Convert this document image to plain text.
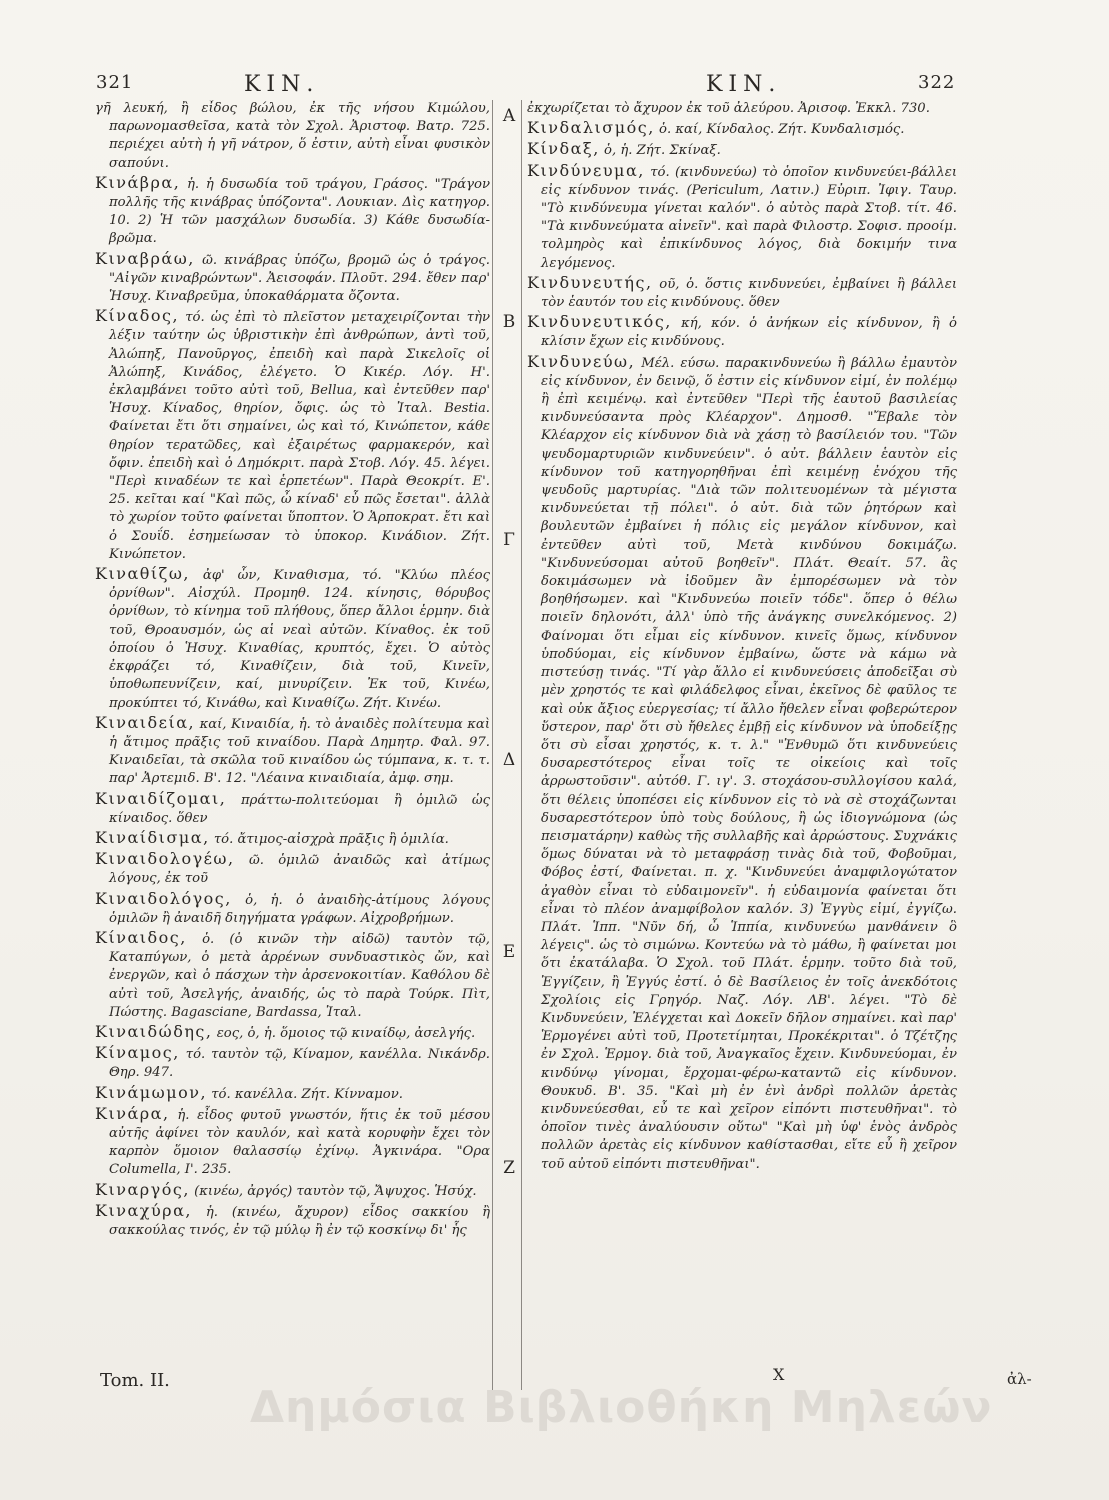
321	ΚΙΝ.	ΚΙΝ.	322

γῆ λευκή, ἢ εἶδος βώλου, ἐκ τῆς νήσου Κιμώλου, παρωνομασθεῖσα, κατὰ τὸν Σχολ. Ἀριστοφ. Βατρ. 725. περιέχει αὐτὴ ἡ γῆ νάτρον, ὅ ἐστιν, αὐτὴ εἶναι φυσικὸν σαπούνι.

Κινάβρα, ἡ. ἡ δυσωδία τοῦ τράγου, Γράσος. "Τράγον πολλῆς τῆς κινάβρας ὑπόζοντα". Λουκιαν. Δὶς κατηγορ. 10. 2) Ἡ τῶν μασχάλων δυσωδία. 3) Κάθε δυσωδία-βρῶμα.

Κιναβράω, ῶ. κινάβρας ὑπόζω, βρομῶ ὡς ὁ τράγος. "Αἰγῶν κιναβρώντων". Ἀεισοφάν. Πλοῦτ. 294. ἔθεν παρ' Ἡσυχ. Κιναβρεῦμα, ὑποκαθάρματα ὄζοντα.

Κίναδος, τό. ὡς ἐπὶ τὸ πλεῖστον μεταχειρίζονται τὴν λέξιν ταύτην ὡς ὑβριστικὴν ἐπὶ ἀνθρώπων, ἀντὶ τοῦ, Ἀλώπηξ, Πανοῦργος, ἐπειδὴ καὶ παρὰ Σικελοῖς οἱ Ἀλώπηξ, Κινάδος, ἐλέγετο. Ὁ Κικέρ. Λόγ. Η'. ἐκλαμβάνει τοῦτο αὐτὶ τοῦ, Bellua, καὶ ἐντεῦθεν παρ' Ἡσυχ. Κίναδος, θηρίον, ὄφις. ὡς τὸ Ἰταλ. Bestia. Φαίνεται ἔτι ὅτι σημαίνει, ὡς καὶ τό, Κινώπετον, κάθε θηρίον τερατῶδες, καὶ ἐξαιρέτως φαρμακερόν, καὶ ὄφιν. ἐπειδὴ καὶ ὁ Δημόκριτ. παρὰ Στοβ. Λόγ. 45. λέγει. "Περὶ κιναδέων τε καὶ ἑρπετέων". Παρὰ Θεοκρίτ. Ε'. 25. κεῖται καί "Καὶ πῶς, ὦ κίναδ' εὖ πῶς ἔσεται". ἀλλὰ τὸ χωρίον τοῦτο φαίνεται ὕποπτον. Ὁ Ἁρποκρατ. ἔτι καὶ ὁ Σουΐδ. ἐσημείωσαν τὸ ὑποκορ. Κινάδιον. Ζήτ. Κινώπετον.

Κιναθίζω, ἀφ' ὧν, Κιναθισμα, τό. "Κλύω πλέος ὀρνίθων". Αἰσχύλ. Προμηθ. 124. κίνησις, θόρυβος ὀρνίθων, τὸ κίνημα τοῦ πλήθους, ὅπερ ἄλλοι ἑρμην. διὰ τοῦ, Θροαυσμόν, ὡς αἱ νεαὶ αὐτῶν. Κίναθος. ἐκ τοῦ ὁποίου ὁ Ἡσυχ. Κιναθίας, κρυπτός, ἔχει. Ὁ αὐτὸς ἐκφράζει τό, Κιναθίζειν, διὰ τοῦ, Κινεῖν, ὑποθωπευνίζειν, καί, μινυρίζειν. Ἐκ τοῦ, Κινέω, προκύπτει τό, Κινάθω, καὶ Κιναθίζω. Ζήτ. Κινέω.

Κιναιδεία, καί, Κιναιδία, ἡ. τὸ ἀναιδὲς πολίτευμα καὶ ἡ ἄτιμος πρᾶξις τοῦ κιναίδου. Παρὰ Δημητρ. Φαλ. 97. Κιναιδεῖαι, τὰ σκῶλα τοῦ κιναίδου ὡς τύμπανα, κ. τ. τ. παρ' Ἀρτεμιδ. Β'. 12. "Λέαινα κιναιδιαία, ἀμφ. σημ.

Κιναιδίζομαι, πράττω-πολιτεύομαι ἢ ὁμιλῶ ὡς κίναιδος. ὅθεν

Κιναίδισμα, τό. ἄτιμος-αἰσχρὰ πρᾶξις ἢ ὁμιλία.

Κιναιδολογέω, ῶ. ὁμιλῶ ἀναιδῶς καὶ ἀτίμως λόγους, ἐκ τοῦ

Κιναιδολόγος, ὁ, ἡ. ὁ ἀναιδὴς-ἀτίμους λόγους ὁμιλῶν ἢ ἀναιδῆ διηγήματα γράφων. Αἰχροβρήμων.

Κίναιδος, ὁ. (ὁ κινῶν τὴν αἰδῶ) ταυτὸν τῷ, Καταπύγων, ὁ μετὰ ἀρρένων συνδυαστικὸς ὤν, καὶ ἐνεργῶν, καὶ ὁ πάσχων τὴν ἀρσενοκοιτίαν. Καθόλου δὲ αὐτὶ τοῦ, Ἀσελγής, ἀναιδής, ὡς τὸ παρὰ Τούρκ. Πὶτ, Πώστης. Bagasciane, Bardassa, Ἰταλ.

Κιναιδώδης, εος, ὁ, ἡ. ὅμοιος τῷ κιναίδῳ, ἀσελγής.

Κίναμος, τό. ταυτὸν τῷ, Κίναμον, κανέλλα. Νικάνδρ. Θηρ. 947.

Κινάμωμον, τό. κανέλλα. Ζήτ. Κίνναμον.

Κινάρα, ἡ. εἶδος φυτοῦ γνωστόν, ἥτις ἐκ τοῦ μέσου αὐτῆς ἀφίνει τὸν καυλόν, καὶ κατὰ κορυφὴν ἔχει τὸν καρπὸν ὅμοιον θαλασσίῳ ἐχίνῳ. Ἀγκινάρα. "Ορα Columella, Ι'. 235.

Κιναργός, (κινέω, ἀργός) ταυτὸν τῷ, Ἄψυχος. Ἡσύχ.

Κιναχύρα, ἡ. (κινέω, ἄχυρον) εἶδος σακκίου ἢ σακκούλας τινός, ἐν τῷ μύλῳ ἢ ἐν τῷ κοσκίνῳ δι' ἧς

Α
Β
Γ
Δ
Ε
Ζ

ἐκχωρίζεται τὸ ἄχυρον ἐκ τοῦ ἀλεύρου. Ἀρισοφ. Ἐκκλ. 730.

Κινδαλισμός, ὁ. καί, Κίνδαλος. Ζήτ. Κυνδαλισμός.

Κίνδαξ, ὁ, ἡ. Ζήτ. Σκίναξ.

Κινδύνευμα, τό. (κινδυνεύω) τὸ ὁποῖον κινδυνεύει-βάλλει εἰς κίνδυνον τινάς. (Periculum, Λατιν.) Εὐριπ. Ἰφιγ. Ταυρ. "Τὸ κινδύνευμα γίνεται καλόν". ὁ αὐτὸς παρὰ Στοβ. τίτ. 46. "Τὰ κινδυνεύματα αἰνεῖν". καὶ παρὰ Φιλοστρ. Σοφισ. προοίμ. τολμηρὸς καὶ ἐπικίνδυνος λόγος, διὰ δοκιμήν τινα λεγόμενος.

Κινδυνευτής, οῦ, ὁ. ὅστις κινδυνεύει, ἐμβαίνει ἢ βάλλει τὸν ἑαυτόν του εἰς κινδύνους. ὅθεν

Κινδυνευτικός, κή, κόν. ὁ ἀνήκων εἰς κίνδυνον, ἢ ὁ κλίσιν ἔχων εἰς κινδύνους.

Κινδυνεύω, Μέλ. εύσω. παρακινδυνεύω ἢ βάλλω ἐμαυτὸν εἰς κίνδυνον, ἐν δεινῷ, ὅ ἐστιν εἰς κίνδυνον εἰμί, ἐν πολέμῳ ἢ ἐπὶ κειμένῳ. καὶ ἐντεῦθεν "Περὶ τῆς ἑαυτοῦ βασιλείας κινδυνεύσαντα πρὸς Κλέαρχον". Δημοσθ. "Ἔβαλε τὸν Κλέαρχον εἰς κίνδυνον διὰ νὰ χάσῃ τὸ βασίλειόν του. "Τῶν ψευδομαρτυριῶν κινδυνεύειν". ὁ αὐτ. βάλλειν ἑαυτὸν εἰς κίνδυνον τοῦ κατηγορηθῆναι ἐπὶ κειμένῃ ἐνόχου τῆς ψευδοῦς μαρτυρίας. "Διὰ τῶν πολιτευομένων τὰ μέγιστα κινδυνεύεται τῇ πόλει". ὁ αὐτ. διὰ τῶν ῥητόρων καὶ βουλευτῶν ἐμβαίνει ἡ πόλις εἰς μεγάλον κίνδυνον, καὶ ἐντεῦθεν αὐτὶ τοῦ, Μετὰ κινδύνου δοκιμάζω. "Κινδυνεύσομαι αὐτοῦ βοηθεῖν". Πλάτ. Θεαίτ. 57. ἂς δοκιμάσωμεν νὰ ἰδοῦμεν ἂν ἐμπορέσωμεν νὰ τὸν βοηθήσωμεν. καὶ "Κινδυνεύω ποιεῖν τόδε". ὅπερ ὁ θέλω ποιεῖν δηλονότι, ἀλλ' ὑπὸ τῆς ἀνάγκης συνελκόμενος. 2) Φαίνομαι ὅτι εἶμαι εἰς κίνδυνον. κινεῖς ὅμως, κίνδυνον ὑποδύομαι, εἰς κίνδυνον ἐμβαίνω, ὥστε νὰ κάμω νὰ πιστεύσῃ τινάς. "Τί γὰρ ἄλλο εἰ κινδυνεύσεις ἀποδεῖξαι σὺ μὲν χρηστός τε καὶ φιλάδελφος εἶναι, ἐκεῖνος δὲ φαῦλος τε καὶ οὐκ ἄξιος εὐεργεσίας; τί ἄλλο ἤθελεν εἶναι φοβερώτερον ὕστερον, παρ' ὅτι σὺ ἤθελες ἐμβῇ εἰς κίνδυνον νὰ ὑποδείξῃς ὅτι σὺ εἶσαι χρηστός, κ. τ. λ." "Ἐνθυμῶ ὅτι κινδυνεύεις δυσαρεστότερος εἶναι τοῖς τε οἰκείοις καὶ τοῖς ἀρρωστοῦσιν". αὐτόθ. Γ. ιγ'. 3. στοχάσου-συλλογίσου καλά, ὅτι θέλεις ὑποπέσει εἰς κίνδυνον εἰς τὸ νὰ σὲ στοχάζωνται δυσαρεστότερον ὑπὸ τοὺς δούλους, ἢ ὡς ἰδιογνώμονα (ὡς πεισματάρην) καθὼς τῆς συλλαβῆς καὶ ἀρρώστους. Συχνάκις ὅμως δύναται νὰ τὸ μεταφράσῃ τινὰς διὰ τοῦ, Φοβοῦμαι, Φόβος ἐστί, Φαίνεται. π. χ. "Κινδυνεύει ἀναμφιλογώτατον ἀγαθὸν εἶναι τὸ εὐδαιμονεῖν". ἡ εὐδαιμονία φαίνεται ὅτι εἶναι τὸ πλέον ἀναμφίβολον καλόν. 3) Ἐγγὺς εἰμί, ἐγγίζω. Πλάτ. Ἱππ. "Νῦν δή, ὦ Ἱππία, κινδυνεύω μανθάνειν ὃ λέγεις". ὡς τὸ σιμώνω. Κοντεύω νὰ τὸ μάθω, ἢ φαίνεται μοι ὅτι ἐκατάλαβα. Ὁ Σχολ. τοῦ Πλάτ. ἑρμην. τοῦτο διὰ τοῦ, Ἐγγίζειν, ἢ Ἐγγύς ἐστί. ὁ δὲ Βασίλειος ἐν τοῖς ἀνεκδότοις Σχολίοις εἰς Γρηγόρ. Ναζ. Λόγ. ΛΒ'. λέγει. "Τὸ δὲ Κινδυνεύειν, Ἐλέγχεται καὶ Δοκεῖν δῆλον σημαίνει. καὶ παρ' Ἑρμογένει αὐτὶ τοῦ, Προτετίμηται, Προκέκριται". ὁ Τζέτζης ἐν Σχολ. Ἑρμογ. διὰ τοῦ, Ἀναγκαῖος ἔχειν. Κινδυνεύομαι, ἐν κινδύνῳ γίνομαι, ἔρχομαι-φέρω-καταντῶ εἰς κίνδυνον. Θουκυδ. Β'. 35. "Καὶ μὴ ἐν ἑνὶ ἀνδρὶ πολλῶν ἀρετὰς κινδυνεύεσθαι, εὖ τε καὶ χεῖρον εἰπόντι πιστευθῆναι". τὸ ὁποῖον τινὲς ἀναλύουσιν οὕτω" "Καὶ μὴ ὑφ' ἑνὸς ἀνδρὸς πολλῶν ἀρετὰς εἰς κίνδυνον καθίστασθαι, εἴτε εὖ ἢ χεῖρον τοῦ αὐτοῦ εἰπόντι πιστευθῆναι".

Tom. II.	X	ἀλ-
Δημόσια Βιβλιοθήκη Μηλεών
